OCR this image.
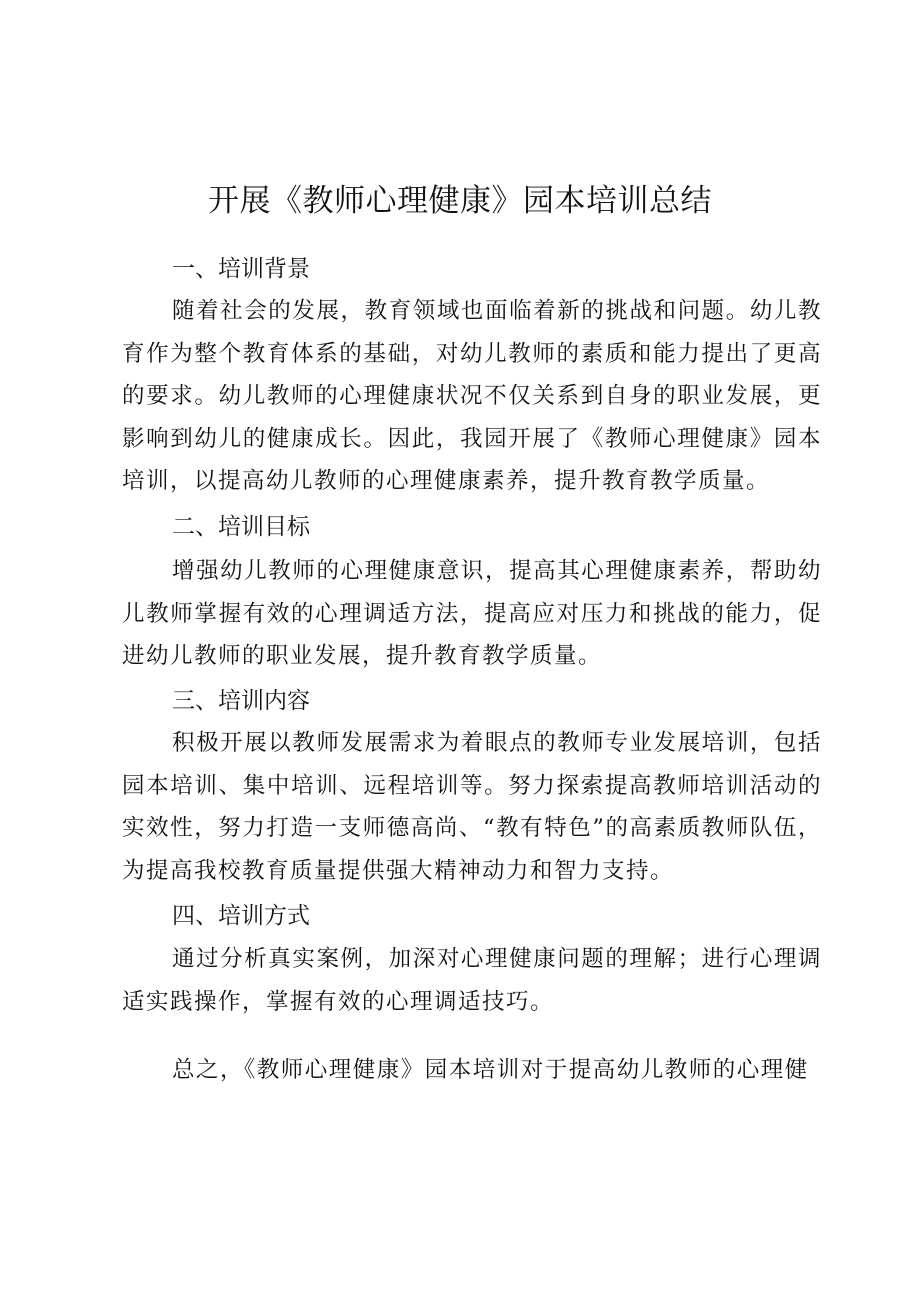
开展《教师心理健康》园本培训总结
一、培训背景

随着社会的发展，教育领域也面临着新的挑战和问题。幼儿教育作为整个教育体系的基础，对幼儿教师的素质和能力提出了更高的要求。幼儿教师的心理健康状况不仅关系到自身的职业发展，更影响到幼儿的健康成长。因此，我园开展了《教师心理健康》园本培训，以提高幼儿教师的心理健康素养，提升教育教学质量。

二、培训目标

增强幼儿教师的心理健康意识，提高其心理健康素养，帮助幼儿教师掌握有效的心理调适方法，提高应对压力和挑战的能力，促进幼儿教师的职业发展，提升教育教学质量。

三、培训内容

积极开展以教师发展需求为着眼点的教师专业发展培训，包括园本培训、集中培训、远程培训等。努力探索提高教师培训活动的实效性，努力打造一支师德高尚、“教有特色”的高素质教师队伍，为提高我校教育质量提供强大精神动力和智力支持。

四、培训方式

通过分析真实案例，加深对心理健康问题的理解；进行心理调适实践操作，掌握有效的心理调适技巧。

总之，《教师心理健康》园本培训对于提高幼儿教师的心理健
